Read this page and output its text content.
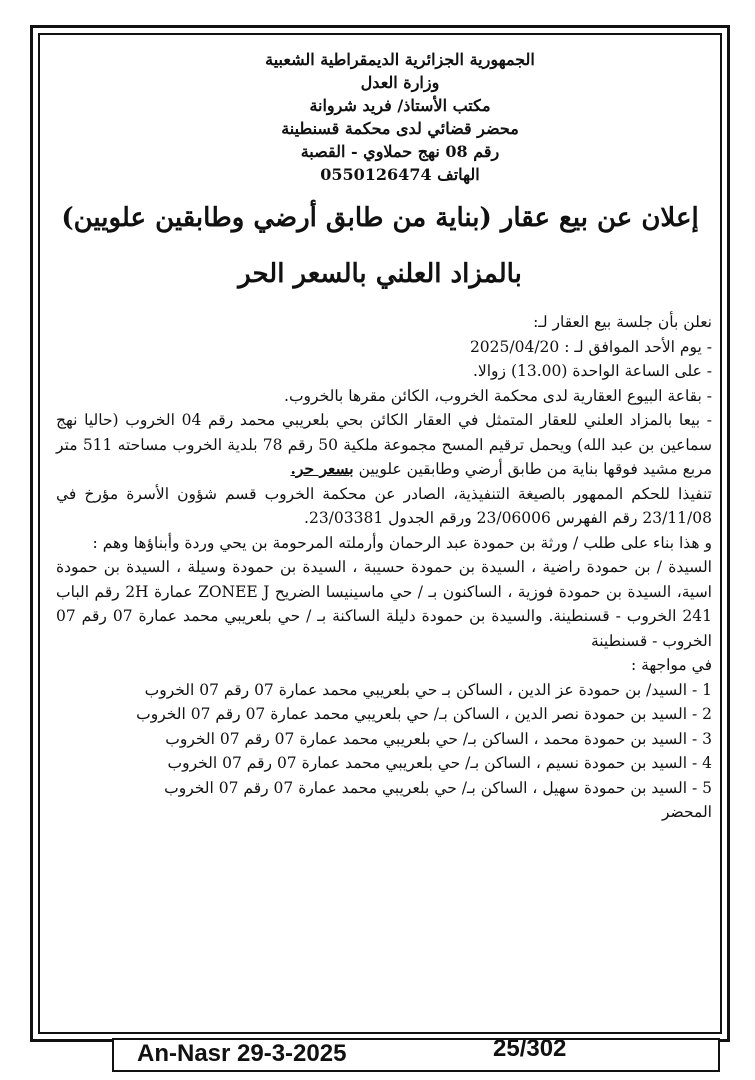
الجمهورية الجزائرية الديمقراطية الشعبية
وزارة العدل
مكتب الأستاذ/ فريد شروانة
محضر قضائي لدى محكمة قسنطينة
رقم 08 نهج حملاوي - القصبة
الهاتف 0550126474
إعلان عن بيع عقار (بناية من طابق أرضي وطابقين علويين)
بالمزاد العلني بالسعر الحر

نعلن بأن جلسة بيع العقار لـ:

- يوم الأحد الموافق لـ : 2025/04/20

- على الساعة الواحدة (13.00) زوالا.

- بقاعة البيوع العقارية لدى محكمة الخروب، الكائن مقرها بالخروب.

- بيعا بالمزاد العلني للعقار المتمثل في العقار الكائن بحي بلعريبي محمد رقم 04 الخروب (حاليا نهج سماعين بن عبد الله) ويحمل ترقيم المسح مجموعة ملكية 50 رقم 78 بلدية الخروب مساحته 511 متر مربع مشيد فوقها بناية من طابق أرضي وطابقين علويين بسعر حر.

تنفيذا للحكم الممهور بالصيغة التنفيذية، الصادر عن محكمة الخروب قسم شؤون الأسرة مؤرخ في 23/11/08 رقم الفهرس 23/06006 ورقم الجدول 23/03381.

و هذا بناء على طلب / ورثة بن حمودة عبد الرحمان وأرملته المرحومة بن يحي وردة وأبناؤها وهم :

السيدة / بن حمودة راضية ، السيدة بن حمودة حسيبة ، السيدة بن حمودة وسيلة ، السيدة بن حمودة اسية، السيدة بن حمودة فوزية ، الساكنون بـ / حي ماسينيسا الضريح ZONEE J عمارة 2H رقم الباب 241 الخروب - قسنطينة. والسيدة بن حمودة دليلة الساكنة بـ / حي بلعريبي محمد عمارة 07 رقم 07 الخروب - قسنطينة

في مواجهة :

1 - السيد/ بن حمودة عز الدين ، الساكن بـ حي بلعريبي محمد عمارة 07 رقم 07 الخروب

2 - السيد بن حمودة نصر الدين ، الساكن بـ/ حي بلعريبي محمد عمارة 07 رقم 07 الخروب

3 - السيد بن حمودة محمد ، الساكن بـ/ حي بلعريبي محمد عمارة 07 رقم 07 الخروب

4 - السيد بن حمودة نسيم ، الساكن بـ/ حي بلعريبي محمد عمارة 07 رقم 07 الخروب

5 - السيد بن حمودة سهيل ، الساكن بـ/ حي بلعريبي محمد عمارة 07 رقم 07 الخروب

المحضر

An-Nasr 29-3-2025	25/302
